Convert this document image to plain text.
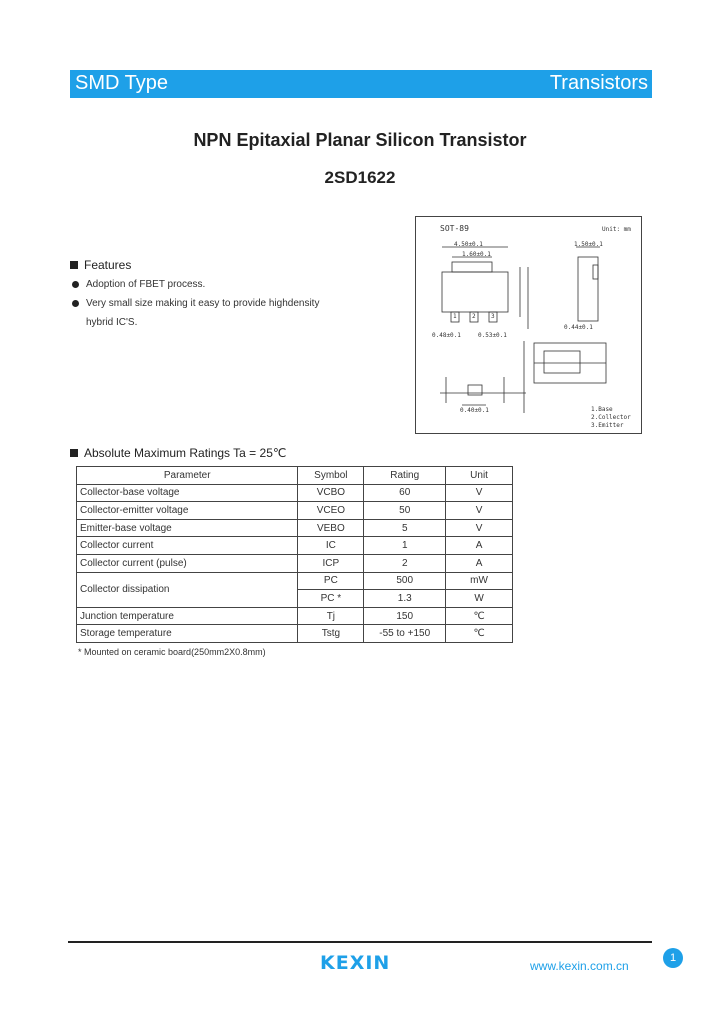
SMD Type	Transistors
NPN Epitaxial Planar Silicon Transistor
2SD1622
SOT-89	Unit: mm
4.50±0.1
1.60±0.1
0.48±0.1	0.53±0.1
1	2	3
1.50±0.1
0.44±0.1
0.40±0.1	1.Base
2.Collector
3.Emitter
Features
Adoption of FBET process.
Very small size making it easy to provide highdensity
hybrid IC'S.
Absolute Maximum Ratings Ta = 25℃
Parameter	Symbol	Rating	Unit
Collector-base voltage	VCBO	60	V
Collector-emitter voltage	VCEO	50	V
Emitter-base voltage	VEBO	5	V
Collector current	IC	1	A
Collector current (pulse)	ICP	2	A
Collector dissipation	PC	500	mW
	PC *	1.3	W
Junction temperature	Tj	150	℃
Storage temperature	Tstg	-55 to +150	℃
* Mounted on ceramic board(250mm2X0.8mm)
KEXIN	www.kexin.com.cn
1
